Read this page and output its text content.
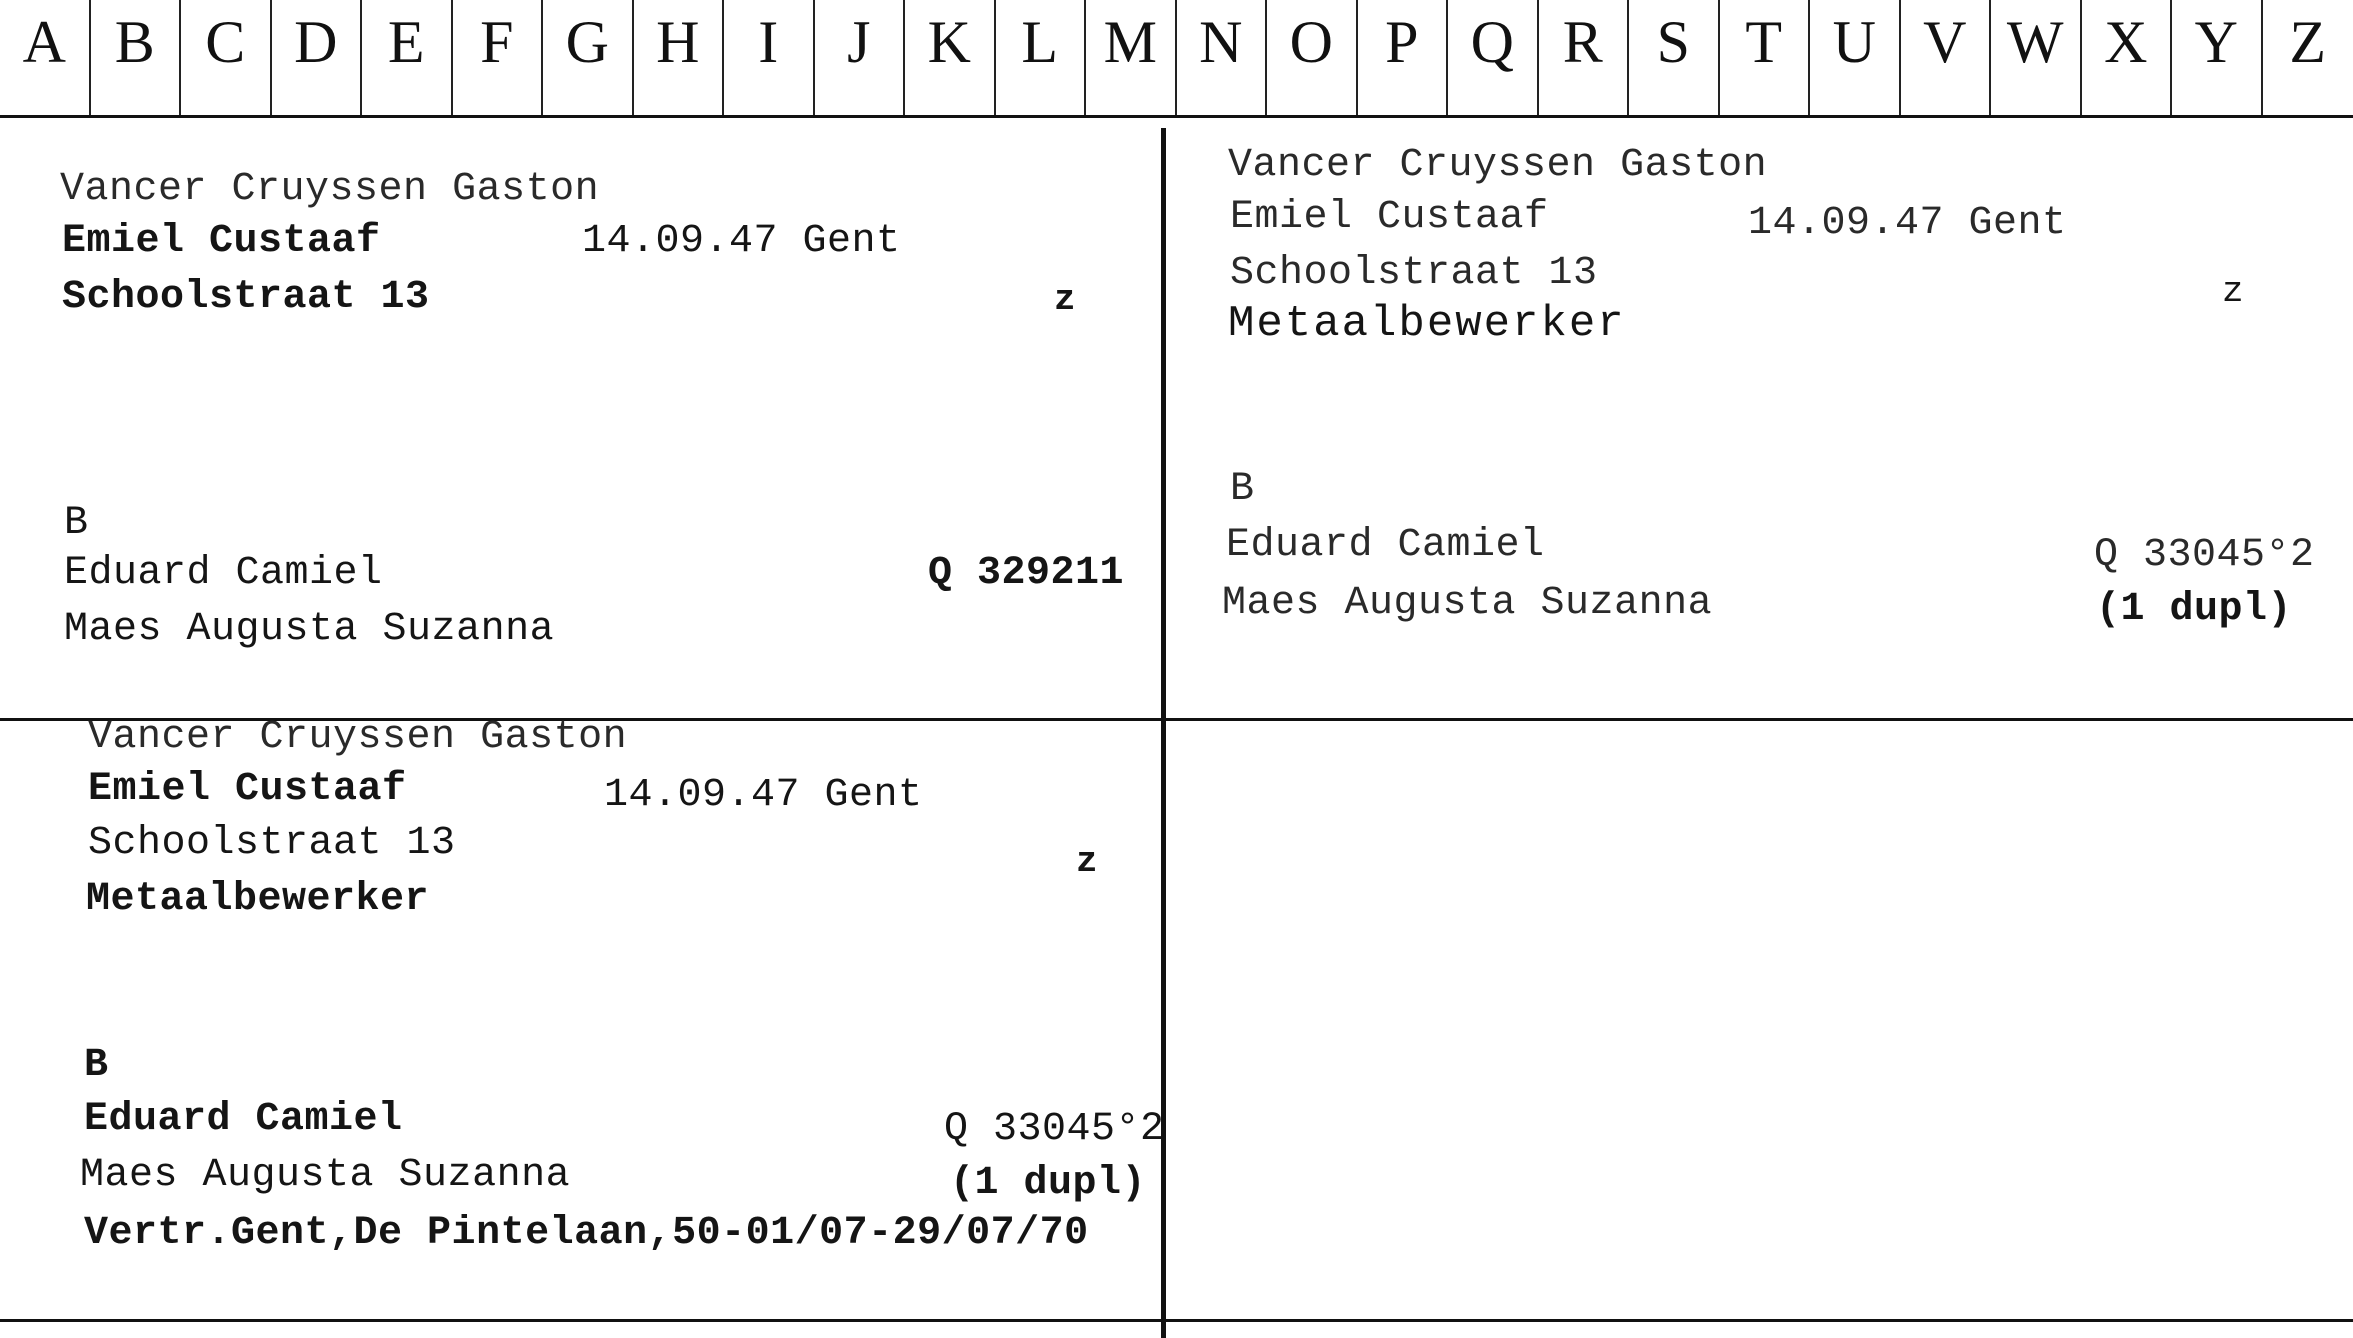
A B C D E F G H I	J K L M N O P Q R S T U V W X Y Z
Vancer Cruyssen Gaston
Emiel Custaaf	14.09.47 Gent
Schoolstraat 13	z
B
Eduard Camiel	Q 329211
Maes Augusta Suzanna
Vancer Cruyssen Gaston
Emiel Custaaf	14.09.47 Gent
Schoolstraat 13	z
Metaalbewerker
B
Eduard Camiel	Q 33045°2
Maes Augusta Suzanna	(1 dupl)
Vancer Cruyssen Gaston
Emiel Custaaf	14.09.47 Gent
Schoolstraat 13	z
Metaalbewerker
B
Eduard Camiel	Q 33045°2
Maes Augusta Suzanna	(1 dupl)
Vertr.Gent,De Pintelaan,50-01/07-29/07/70
